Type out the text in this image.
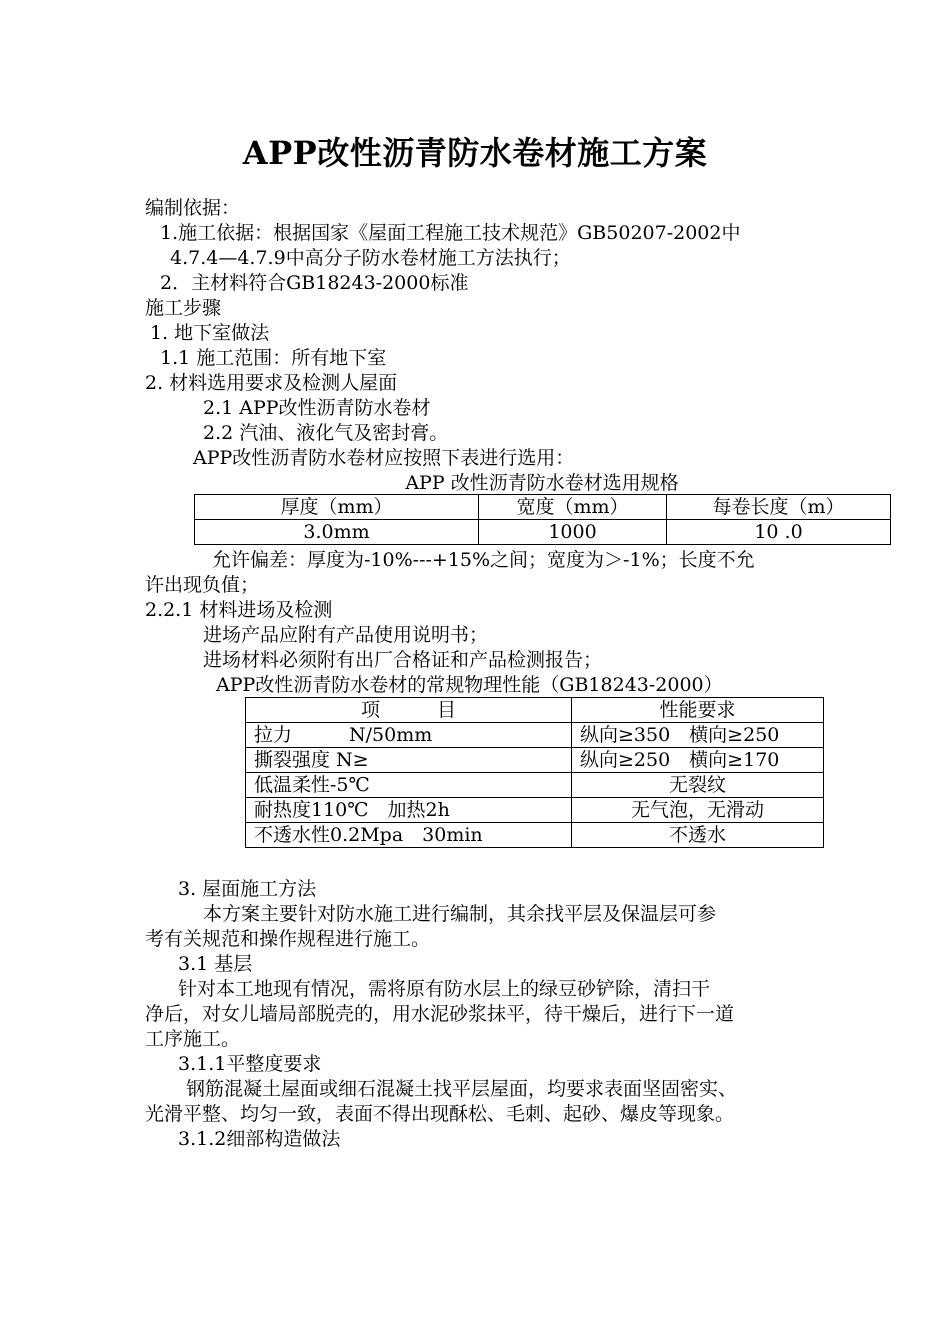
APP改性沥青防水卷材施工方案
编制依据：
1.施工依据：根据国家《屋面工程施工技术规范》GB50207-2002中
4.7.4—4.7.9中高分子防水卷材施工方法执行；
2．主材料符合GB18243-2000标准
施工步骤
1. 地下室做法
1.1 施工范围：所有地下室
2. 材料选用要求及检测人屋面
2.1 APP改性沥青防水卷材
2.2 汽油、液化气及密封膏。
APP改性沥青防水卷材应按照下表进行选用：
APP 改性沥青防水卷材选用规格
厚度（mm）	宽度（mm）	每卷长度（m）
3.0mm	1000	10 .0
允许偏差：厚度为-10%---+15%之间；宽度为＞-1%；长度不允
许出现负值；
2.2.1 材料进场及检测
进场产品应附有产品使用说明书；
进场材料必须附有出厂合格证和产品检测报告；
APP改性沥青防水卷材的常规物理性能（GB18243-2000）
项　　　目	性能要求
拉力　　　N/50mm	纵向≥350　横向≥250
撕裂强度 N≥	纵向≥250　横向≥170
低温柔性-5℃	无裂纹
耐热度110℃　加热2h	无气泡，无滑动
不透水性0.2Mpa　30min	不透水
3. 屋面施工方法
本方案主要针对防水施工进行编制，其余找平层及保温层可参
考有关规范和操作规程进行施工。
3.1 基层
针对本工地现有情况，需将原有防水层上的绿豆砂铲除，清扫干
净后，对女儿墙局部脱壳的，用水泥砂浆抹平，待干燥后，进行下一道
工序施工。
3.1.1平整度要求
钢筋混凝土屋面或细石混凝土找平层屋面，均要求表面坚固密实、
光滑平整、均匀一致，表面不得出现酥松、毛刺、起砂、爆皮等现象。
3.1.2细部构造做法
